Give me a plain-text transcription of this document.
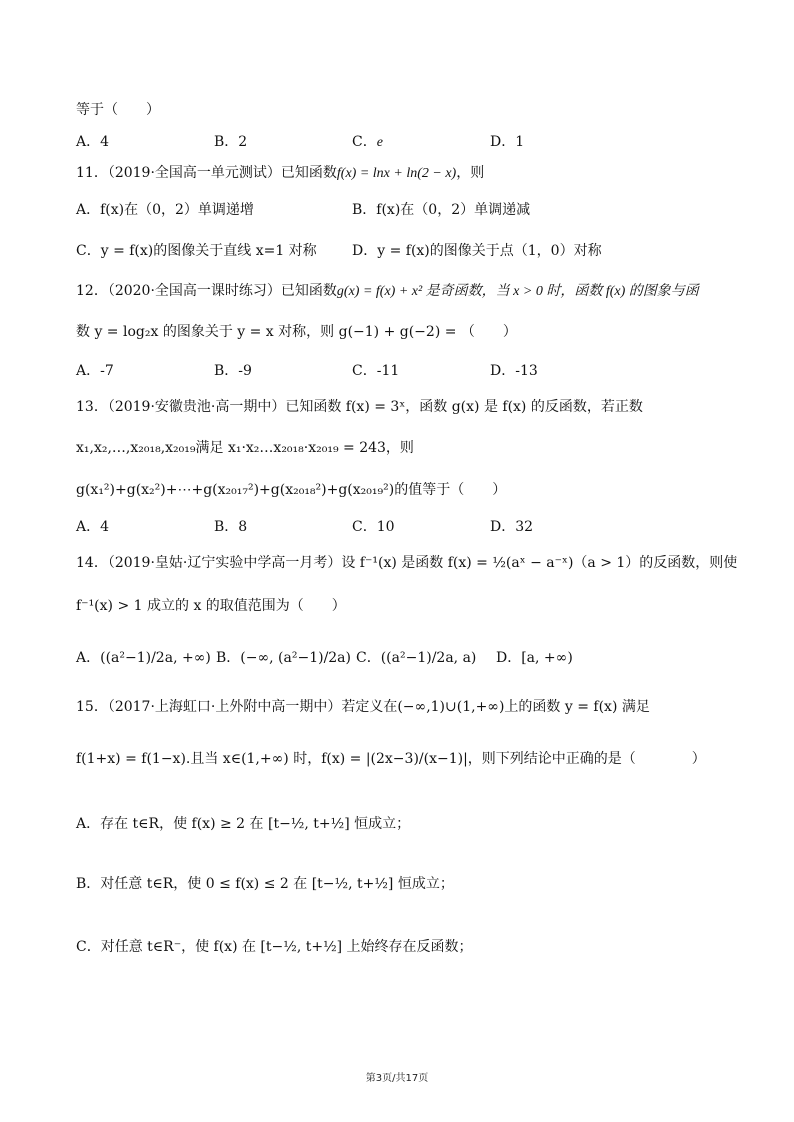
等于（　　）
A．4	B．2	C．e	D．1
11．（2019·全国高一单元测试）已知函数f(x) = lnx + ln(2 − x)，则
A．f(x)在（0，2）单调递增	B．f(x)在（0，2）单调递减
C．y = f(x)的图像关于直线 x=1 对称	D．y = f(x)的图像关于点（1，0）对称
12．（2020·全国高一课时练习）已知函数g(x) = f(x) + x² 是奇函数，当 x > 0 时，函数 f(x) 的图象与函
数 y = log₂x 的图象关于 y = x 对称，则 g(−1) + g(−2) = （　　）
A．-7	B．-9	C．-11	D．-13
13．（2019·安徽贵池·高一期中）已知函数 f(x) = 3ˣ，函数 g(x) 是 f(x) 的反函数，若正数
x₁,x₂,…,x₂₀₁₈,x₂₀₁₉满足 x₁·x₂…x₂₀₁₈·x₂₀₁₉ = 243，则
g(x₁²)+g(x₂²)+⋯+g(x₂₀₁₇²)+g(x₂₀₁₈²)+g(x₂₀₁₉²)的值等于（　　）
A．4	B．8	C．10	D．32
14．（2019·皇姑·辽宁实验中学高一月考）设 f⁻¹(x) 是函数 f(x) = ½(aˣ − a⁻ˣ)（a > 1）的反函数，则使
f⁻¹(x) > 1 成立的 x 的取值范围为（　　）
A．((a²−1)/2a, +∞) B．(−∞, (a²−1)/2a) C．((a²−1)/2a, a) D．[a, +∞)
15．（2017·上海虹口·上外附中高一期中）若定义在(−∞,1)∪(1,+∞)上的函数 y = f(x) 满足
f(1+x) = f(1−x).且当 x∈(1,+∞) 时，f(x) = |(2x−3)/(x−1)|，则下列结论中正确的是（　　　　）
A．存在 t∈R，使 f(x) ≥ 2 在 [t−½, t+½] 恒成立；
B．对任意 t∈R，使 0 ≤ f(x) ≤ 2 在 [t−½, t+½] 恒成立；
C．对任意 t∈R⁻，使 f(x) 在 [t−½, t+½] 上始终存在反函数；
第3页/共17页
